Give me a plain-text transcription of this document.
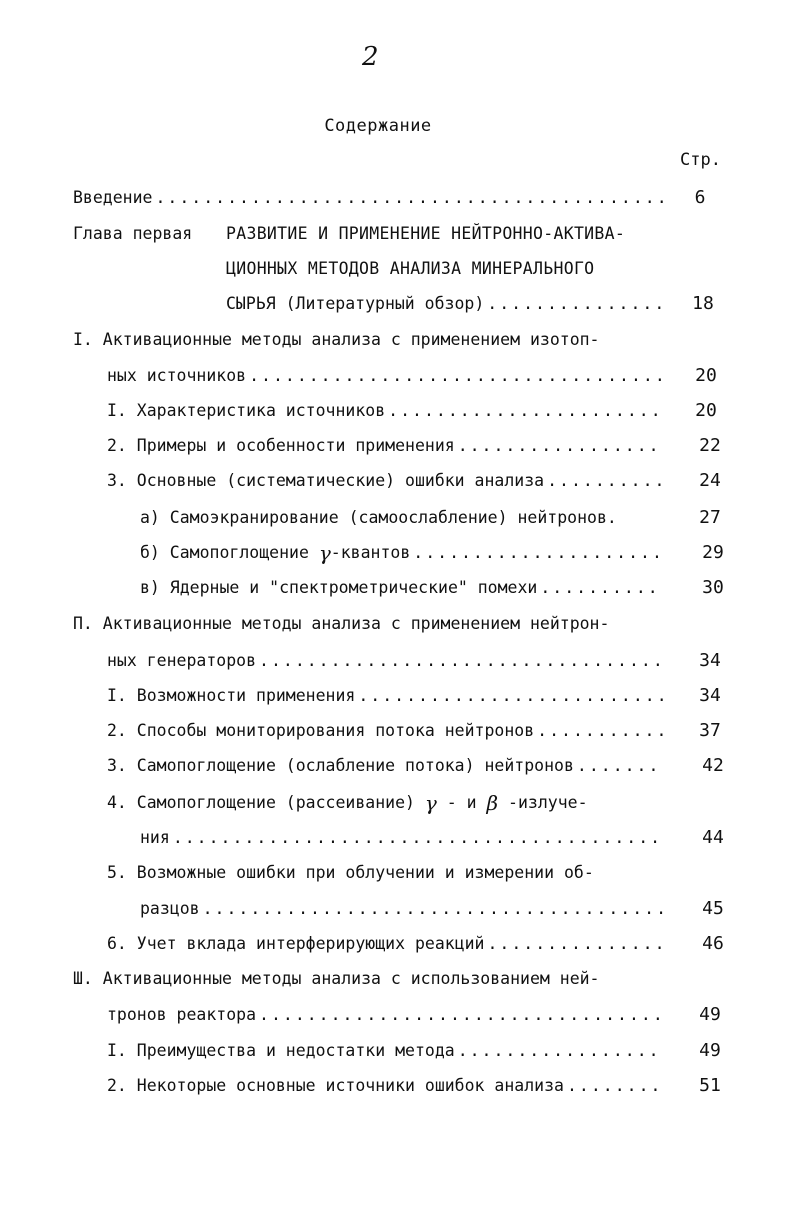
2
Содержание
Стр.
Введение .....	6
Глава первая РАЗВИТИЕ И ПРИМЕНЕНИЕ НЕЙТРОННО-АКТИВА-
ЦИОННЫХ МЕТОДОВ АНАЛИЗА МИНЕРАЛЬНОГО
СЫРЬЯ (Литературный обзор) .....	18
I. Активационные методы анализа с применением изотоп-
ных источников .....	20
I. Характеристика источников .....	20
2. Примеры и особенности применения .....	22
3. Основные (систематические) ошибки анализа .....	24
а) Самоэкранирование (самоослабление) нейтронов.	27
б) Самопоглощение
γ -квантов .....	29
в) Ядерные и "спектрометрические" помехи .....	30
П. Активационные методы анализа с применением нейтрон-
ных генераторов .....	34
I. Возможности применения .....	34
2. Способы мониторирования потока нейтронов .....	37
3. Самопоглощение (ослабление потока) нейтронов .....	42
4. Самопоглощение (рассеивание)
γ
- и
β
-излуче-
ния .....	44
5. Возможные ошибки при облучении и измерении об-
разцов .....	45
6. Учет вклада интерферирующих реакций .....	46
Ш. Активационные методы анализа с использованием ней-
тронов реактора .....	49
I. Преимущества и недостатки метода .....	49
2. Некоторые основные источники ошибок анализа .....	51
